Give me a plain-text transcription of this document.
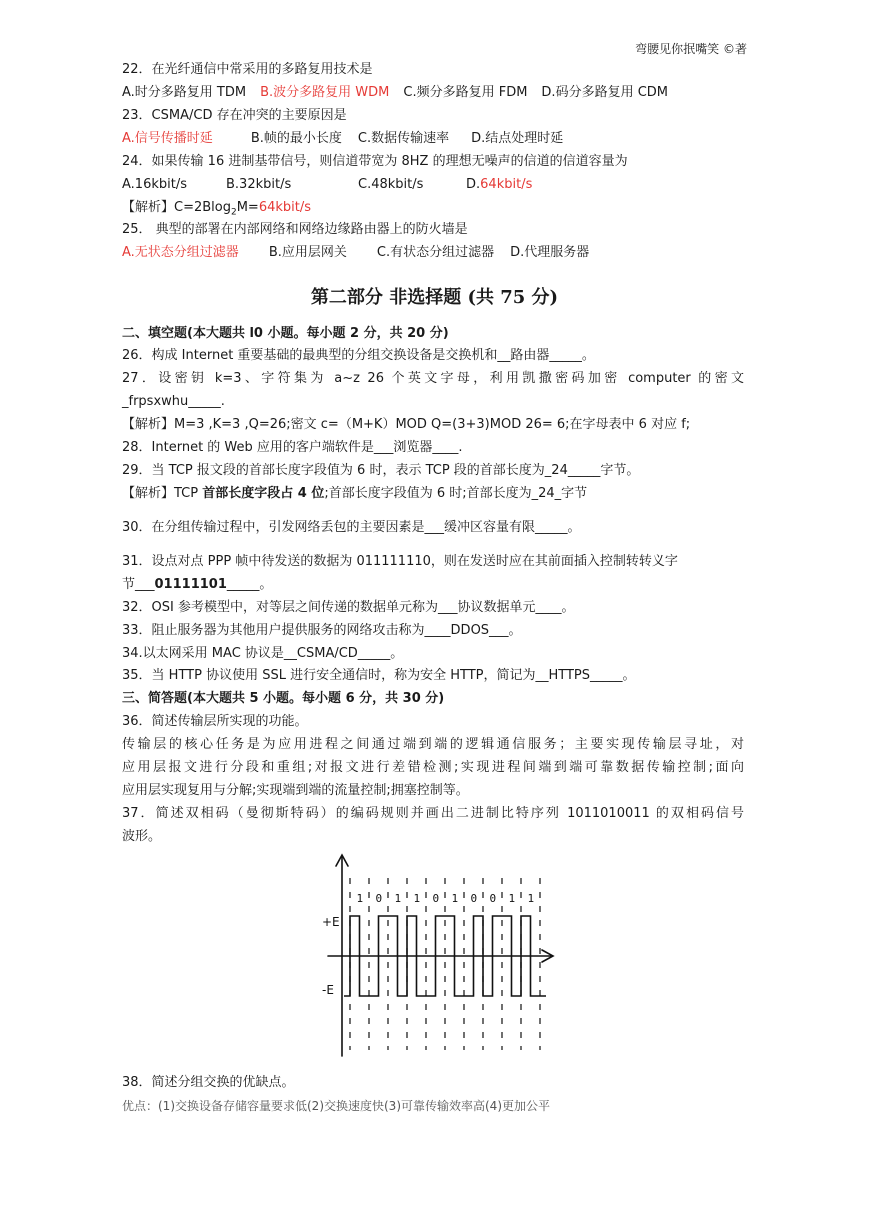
弯腰见你抿嘴笑 ©著
22．在光纤通信中常采用的多路复用技术是
A.时分多路复用 TDM B.波分多路复用 WDM C.频分多路复用 FDM D.码分多路复用 CDM
23．CSMA/CD 存在冲突的主要原因是
A.信号传播时延	B.帧的最小长度 C.数据传输速率 D.结点处理时延
24．如果传输 16 进制基带信号，则信道带宽为 8HZ 的理想无噪声的信道的信道容量为
A.16kbit/s	B.32kbit/s	C.48kbit/s	D.64kbit/s
【解析】C=2Blog$_2$M=64kbit/s
25． 典型的部署在内部网络和网络边缘路由器上的防火墙是
A.无状态分组过滤器 B.应用层网关 C.有状态分组过滤器 D.代理服务器
第二部分 非选择题 (共 75 分)
二、填空题(本大题共 l0 小题。每小题 2 分，共 20 分)
26．构成 Internet 重要基础的最典型的分组交换设备是交换机和__路由器_____。
27．设密钥 k=3、字符集为 a~z 26 个英文字母，利用凯撒密码加密 computer 的密文
_frpsxwhu_____.
【解析】M=3 ,K=3 ,Q=26;密文 c=（M+K）MOD Q=(3+3)MOD 26= 6;在字母表中 6 对应 f;
28．Internet 的 Web 应用的客户端软件是___浏览器____.
29．当 TCP 报文段的首部长度字段值为 6 时，表示 TCP 段的首部长度为_24_____字节。
【解析】TCP 首部长度字段占 4 位;首部长度字段值为 6 时;首部长度为_24_字节
30．在分组传输过程中，引发网络丢包的主要因素是___缓冲区容量有限_____。
31．设点对点 PPP 帧中待发送的数据为 011111110，则在发送时应在其前面插入控制转转义字
节___01111101_____。
32．OSI 参考模型中，对等层之间传递的数据单元称为___协议数据单元____。
33．阻止服务器为其他用户提供服务的网络攻击称为____DDOS___。
34.以太网采用 MAC 协议是__CSMA/CD_____。
35．当 HTTP 协议使用 SSL 进行安全通信时，称为安全 HTTP，简记为__HTTPS_____。
三、简答题(本大题共 5 小题。每小题 6 分，共 30 分)
36．简述传输层所实现的功能。
传输层的核心任务是为应用进程之间通过端到端的逻辑通信服务；主要实现传输层寻址，对
应用层报文进行分段和重组;对报文进行差错检测;实现进程间端到端可靠数据传输控制;面向
应用层实现复用与分解;实现端到端的流量控制;拥塞控制等。
37．简述双相码（曼彻斯特码）的编码规则并画出二进制比特序列 1011010011 的双相码信号
波形。
1 0 1 1 0 1 0 0 1 1
+E
-E
38．简述分组交换的优缺点。
优点：(1)交换设备存储容量要求低(2)交换速度快(3)可靠传输效率高(4)更加公平
